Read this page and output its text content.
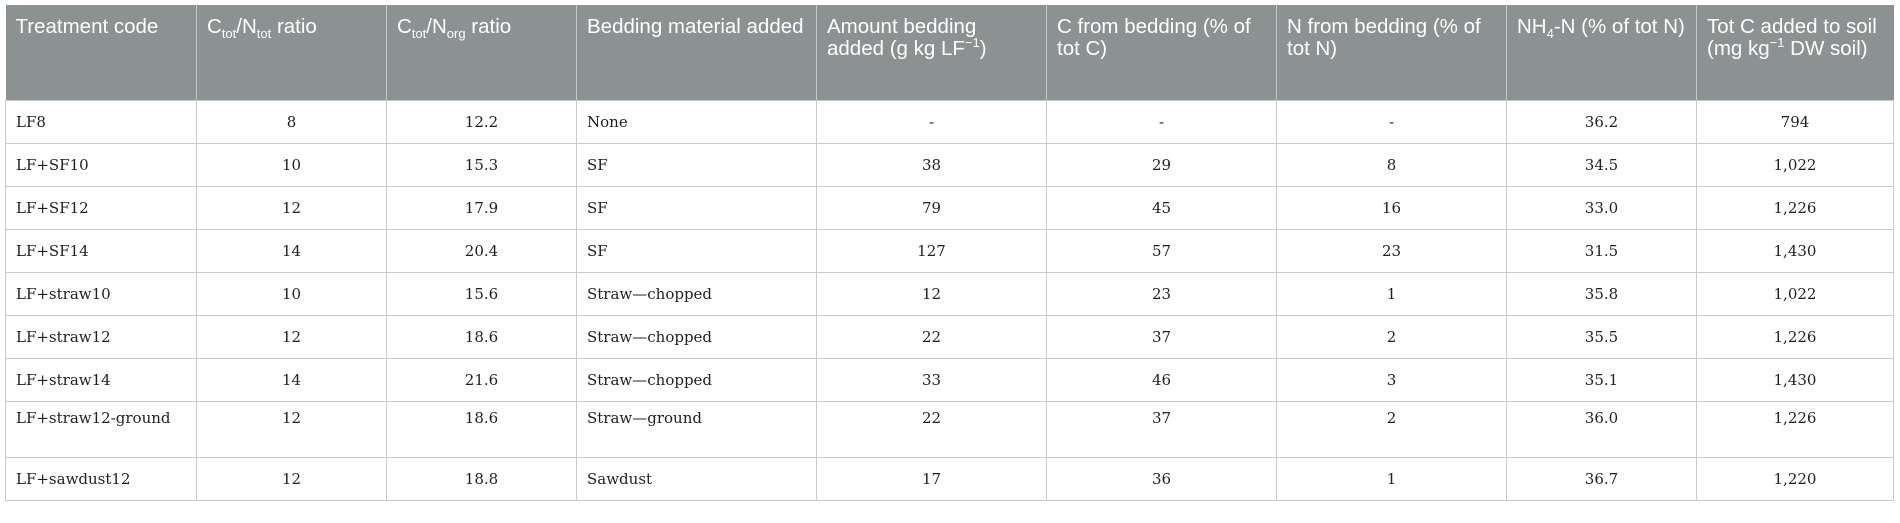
Treatment code	$C_{tot}/N_{tot}$ ratio	$C_{tot}/N_{org}$ ratio	Bedding material added	Amount bedding added (g kg $LF^{-1}$)	C from bedding (% of tot C)	N from bedding (% of tot N)	$NH_4-N$ (% of tot N)	Tot C added to soil (mg $kg^{-1}$ DW soil)
LF8	8	12.2	None	-	-	-	36.2	794
LF+SF10	10	15.3	SF	38	29	8	34.5	1,022
LF+SF12	12	17.9	SF	79	45	16	33.0	1,226
LF+SF14	14	20.4	SF	127	57	23	31.5	1,430
LF+straw10	10	15.6	Straw—chopped	12	23	1	35.8	1,022
LF+straw12	12	18.6	Straw—chopped	22	37	2	35.5	1,226
LF+straw14	14	21.6	Straw—chopped	33	46	3	35.1	1,430
LF+straw12-ground	12	18.6	Straw—ground	22	37	2	36.0	1,226
LF+sawdust12	12	18.8	Sawdust	17	36	1	36.7	1,220
